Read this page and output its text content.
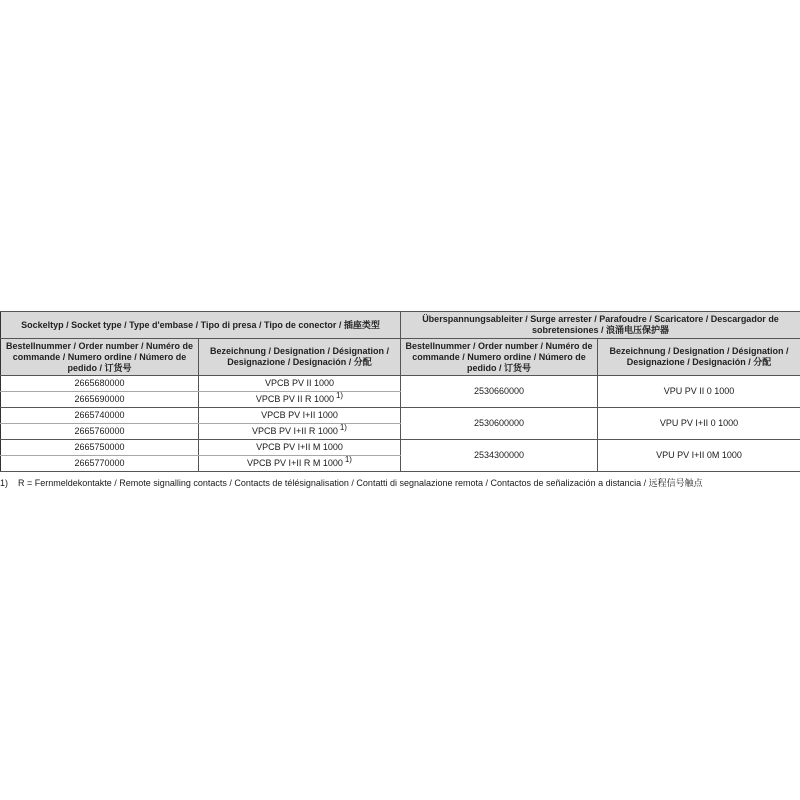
Sockeltyp / Socket type / Type d'embase / Tipo di presa / Tipo de conector / 插座类型		Überspannungsableiter / Surge arrester / Parafoudre / Scaricatore / Descargador de sobretensiones / 浪涌电压保护器	
Bestellnummer / Order number / Numéro de commande / Numero ordine / Número de pedido / 订货号	Bezeichnung / Designation / Désignation / Designazione / Designación / 分配	Bestellnummer / Order number / Numéro de commande / Numero ordine / Número de pedido / 订货号	Bezeichnung / Designation / Désignation / Designazione / Designación / 分配
2665680000	VPCB PV II 1000	2530660000	VPU PV II 0 1000
2665690000	VPCB PV II R 1000 $^{1)}$
2665740000	VPCB PV I+II 1000	2530600000	VPU PV I+II 0 1000
2665760000	VPCB PV I+II R 1000 $^{1)}$
2665750000	VPCB PV I+II M 1000	2534300000	VPU PV I+II 0M 1000
2665770000	VPCB PV I+II R M 1000 $^{1)}$
1) R = Fernmeldekontakte / Remote signalling contacts / Contacts de télésignalisation / Contatti di segnalazione remota / Contactos de señalización a distancia / 远程信号触点
